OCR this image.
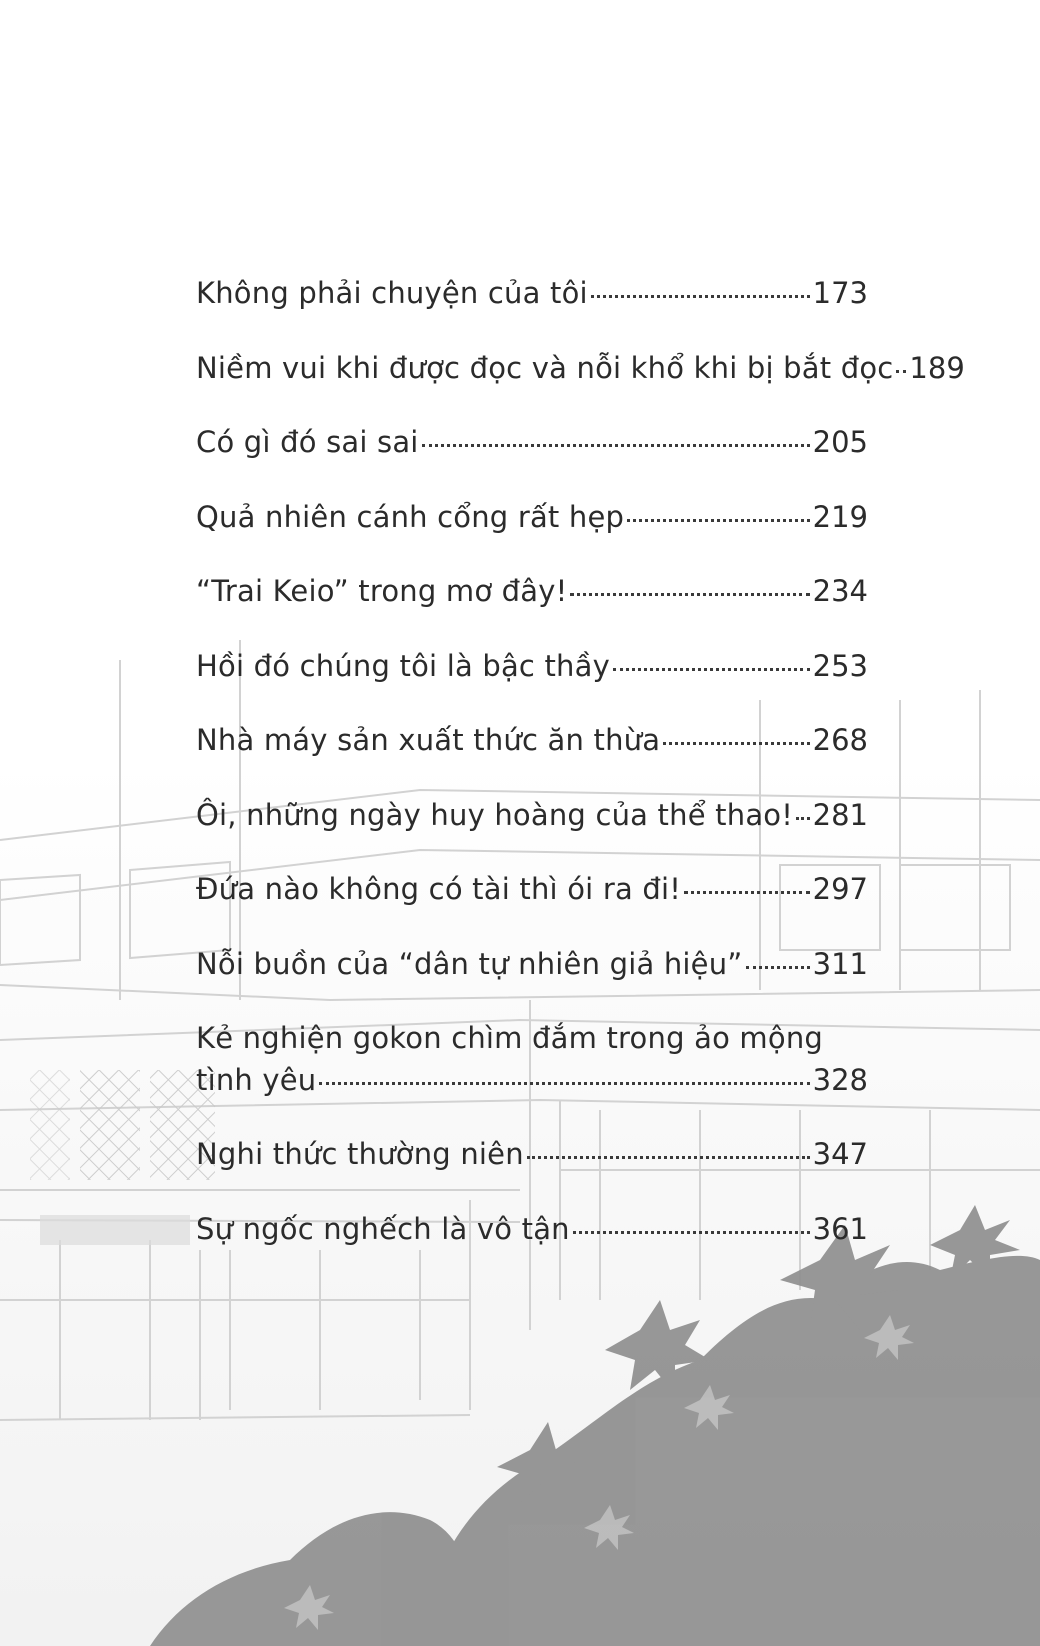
Không phải chuyện của tôi	173
Niềm vui khi được đọc và nỗi khổ khi bị bắt đọc 189
Có gì đó sai sai	205
Quả nhiên cánh cổng rất hẹp	219
“Trai Keio” trong mơ đây!	234
Hồi đó chúng tôi là bậc thầy	253
Nhà máy sản xuất thức ăn thừa	268
Ôi, những ngày huy hoàng của thể thao! 281
Đứa nào không có tài thì ói ra đi!	297
Nỗi buồn của “dân tự nhiên giả hiệu” 311
Kẻ nghiện gokon chìm đắm trong ảo mộng
tình yêu	328
Nghi thức thường niên	347
Sự ngốc nghếch là vô tận	361
